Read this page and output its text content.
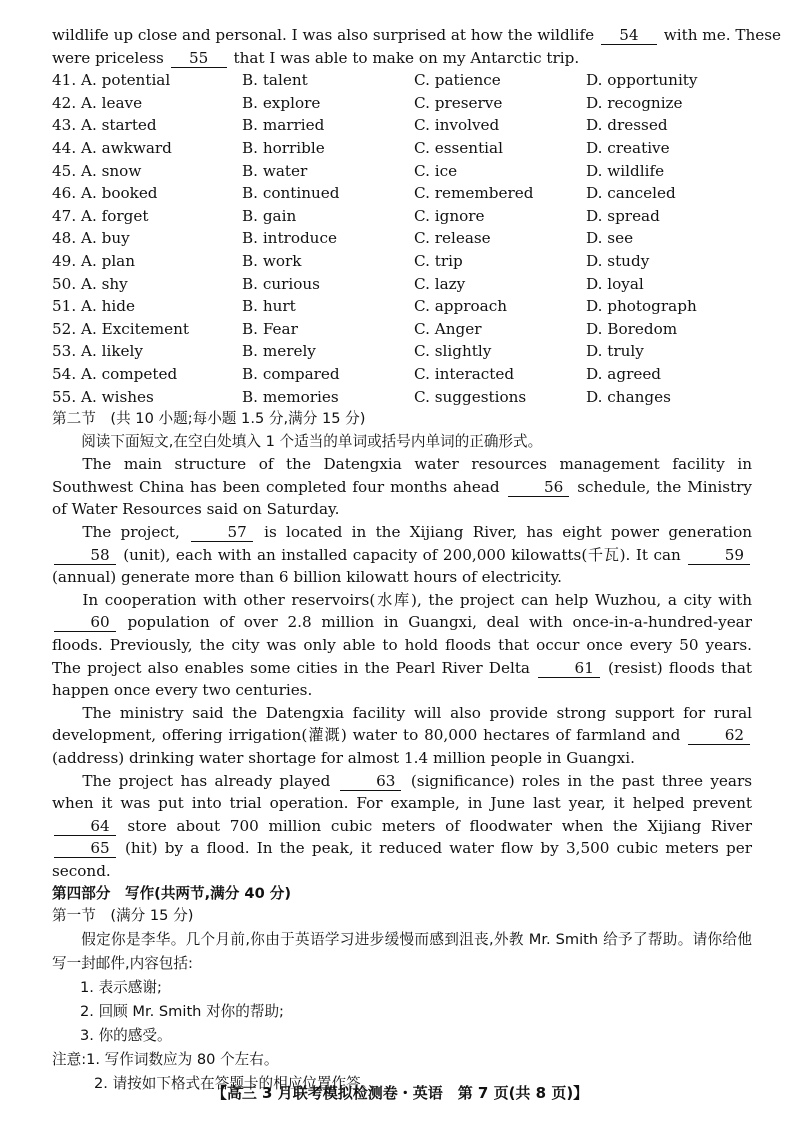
wildlife up close and personal. I was also surprised at how the wildlife 54 with me. These
were priceless 55 that I was able to make on my Antarctic trip.
41. A. potential	B. talent	C. patience	D. opportunity
42. A. leave	B. explore	C. preserve	D. recognize
43. A. started	B. married	C. involved	D. dressed
44. A. awkward	B. horrible	C. essential	D. creative
45. A. snow	B. water	C. ice	D. wildlife
46. A. booked	B. continued	C. remembered	D. canceled
47. A. forget	B. gain	C. ignore	D. spread
48. A. buy	B. introduce	C. release	D. see
49. A. plan	B. work	C. trip	D. study
50. A. shy	B. curious	C. lazy	D. loyal
51. A. hide	B. hurt	C. approach	D. photograph
52. A. Excitement	B. Fear	C. Anger	D. Boredom
53. A. likely	B. merely	C. slightly	D. truly
54. A. competed	B. compared	C. interacted	D. agreed
55. A. wishes	B. memories	C. suggestions	D. changes
第二节　(共 10 小题;每小题 1.5 分,满分 15 分)
阅读下面短文,在空白处填入 1 个适当的单词或括号内单词的正确形式。

The main structure of the Datengxia water resources management facility in Southwest China has been completed four months ahead	56 schedule, the Ministry of Water Resources said on Saturday.

The project,	57 is located in the Xijiang River, has eight power generation 58 (unit), each with an installed capacity of 200,000 kilowatts(千瓦). It can	59 (annual) generate more than 6 billion kilowatt hours of electricity.

In cooperation with other reservoirs(水库), the project can help Wuzhou, a city with 60 population of over 2.8 million in Guangxi, deal with once-in-a-hundred-year floods. Previously, the city was only able to hold floods that occur once every 50 years. The project also enables some cities in the Pearl River Delta	61 (resist) floods that happen once every two centuries.

The ministry said the Datengxia facility will also provide strong support for rural development, offering irrigation(灌溉) water to 80,000 hectares of farmland and	62 (address) drinking water shortage for almost 1.4 million people in Guangxi.

The project has already played	63 (significance) roles in the past three years when it was put into trial operation. For example, in June last year, it helped prevent 64 store about 700 million cubic meters of floodwater when the Xijiang River 65 (hit) by a flood. In the peak, it reduced water flow by 3,500 cubic meters per second.

第四部分　写作(共两节,满分 40 分)
第一节　(满分 15 分)

假定你是李华。几个月前,你由于英语学习进步缓慢而感到沮丧,外教 Mr. Smith 给予了帮助。请你给他写一封邮件,内容包括:

1. 表示感谢;
2. 回顾 Mr. Smith 对你的帮助;
3. 你的感受。
注意:1. 写作词数应为 80 个左右。
2. 请按如下格式在答题卡的相应位置作答。
【高三 3 月联考模拟检测卷・英语　第 7 页(共 8 页)】
